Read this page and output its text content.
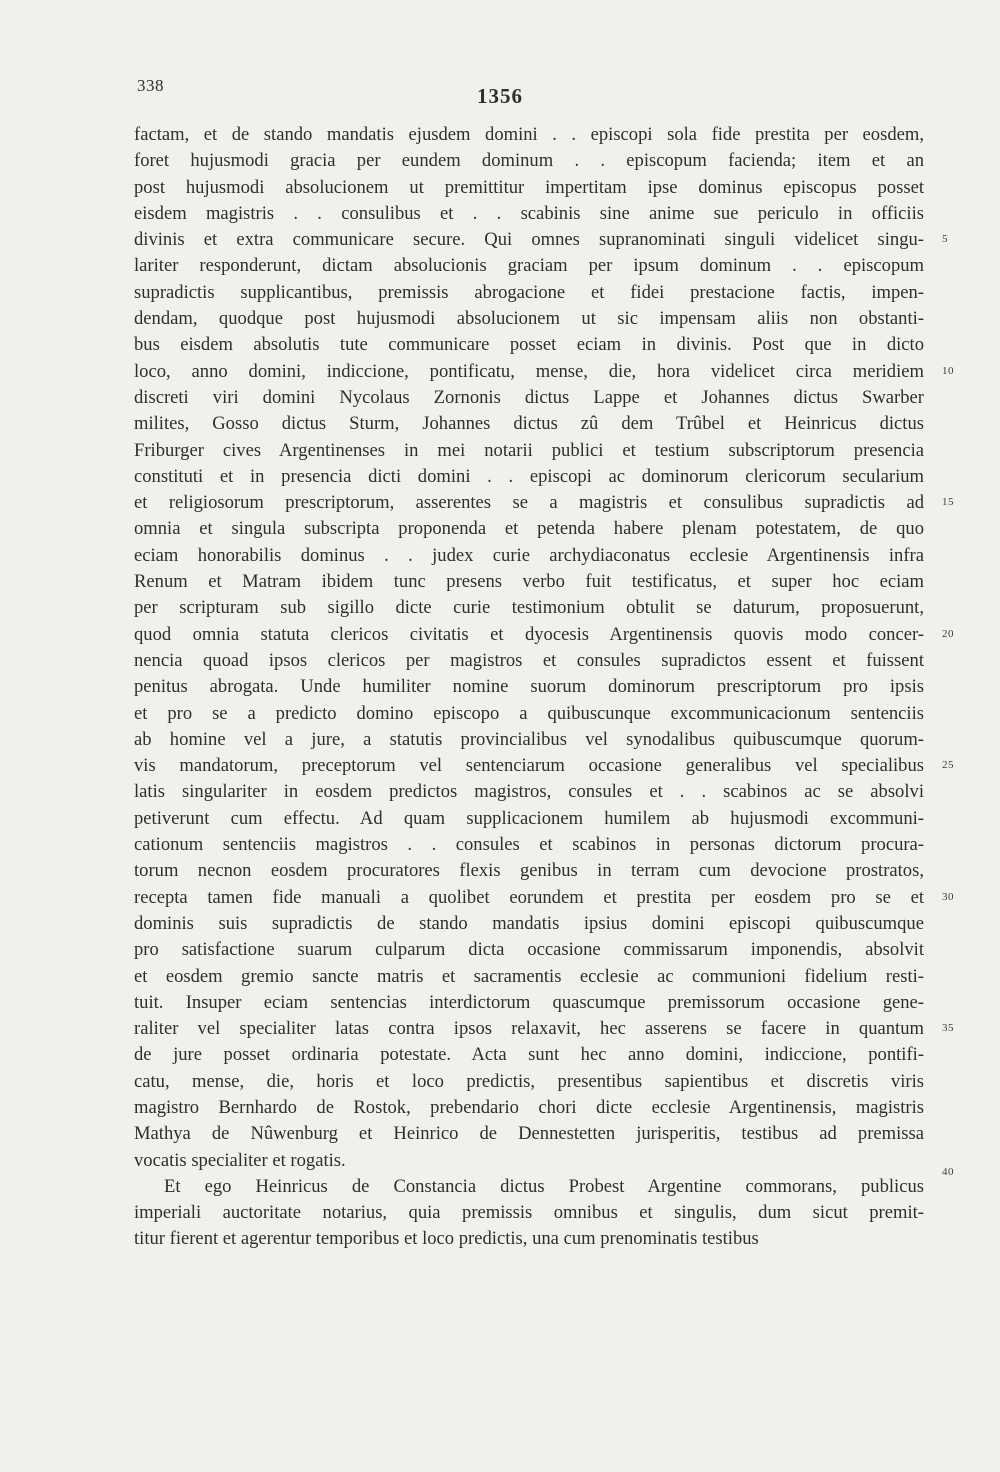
338	1356
factam, et de stando mandatis ejusdem domini . . episcopi sola fide prestita per eosdem,
foret hujusmodi gracia per eundem dominum . . episcopum facienda; item et an
post hujusmodi absolucionem ut premittitur impertitam ipse dominus episcopus posset
eisdem magistris . . consulibus et . . scabinis sine anime sue periculo in officiis
divinis et extra communicare secure. Qui omnes supranominati singuli videlicet singu- 5
lariter responderunt, dictam absolucionis graciam per ipsum dominum . . episcopum
supradictis supplicantibus, premissis abrogacione et fidei prestacione factis, impen-
dendam, quodque post hujusmodi absolucionem ut sic impensam aliis non obstanti-
bus eisdem absolutis tute communicare posset eciam in divinis. Post que in dicto
loco, anno domini, indiccione, pontificatu, mense, die, hora videlicet circa meridiem 10
discreti viri domini Nycolaus Zornonis dictus Lappe et Johannes dictus Swarber
milites, Gosso dictus Sturm, Johannes dictus zû dem Trûbel et Heinricus dictus
Friburger cives Argentinenses in mei notarii publici et testium subscriptorum presencia
constituti et in presencia dicti domini . . episcopi ac dominorum clericorum secularium
et religiosorum prescriptorum, asserentes se a magistris et consulibus supradictis ad 15
omnia et singula subscripta proponenda et petenda habere plenam potestatem, de quo
eciam honorabilis dominus . . judex curie archydiaconatus ecclesie Argentinensis infra
Renum et Matram ibidem tunc presens verbo fuit testificatus, et super hoc eciam
per scripturam sub sigillo dicte curie testimonium obtulit se daturum, proposuerunt,
quod omnia statuta clericos civitatis et dyocesis Argentinensis quovis modo concer- 20
nencia quoad ipsos clericos per magistros et consules supradictos essent et fuissent
penitus abrogata. Unde humiliter nomine suorum dominorum prescriptorum pro ipsis
et pro se a predicto domino episcopo a quibuscunque excommunicacionum sentenciis
ab homine vel a jure, a statutis provincialibus vel synodalibus quibuscumque quorum-
vis mandatorum, preceptorum vel sentenciarum occasione generalibus vel specialibus 25
latis singulariter in eosdem predictos magistros, consules et . . scabinos ac se absolvi
petiverunt cum effectu. Ad quam supplicacionem humilem ab hujusmodi excommuni-
cationum sentenciis magistros . . consules et scabinos in personas dictorum procura-
torum necnon eosdem procuratores flexis genibus in terram cum devocione prostratos,
recepta tamen fide manuali a quolibet eorundem et prestita per eosdem pro se et 30
dominis suis supradictis de stando mandatis ipsius domini episcopi quibuscumque
pro satisfactione suarum culparum dicta occasione commissarum imponendis, absolvit
et eosdem gremio sancte matris et sacramentis ecclesie ac communioni fidelium resti-
tuit. Insuper eciam sentencias interdictorum quascumque premissorum occasione gene-
raliter vel specialiter latas contra ipsos relaxavit, hec asserens se facere in quantum 35
de jure posset ordinaria potestate. Acta sunt hec anno domini, indiccione, pontifi-
catu, mense, die, horis et loco predictis, presentibus sapientibus et discretis viris
magistro Bernhardo de Rostok, prebendario chori dicte ecclesie Argentinensis, magistris
Mathya de Nûwenburg et Heinrico de Dennestetten jurisperitis, testibus ad premissa
vocatis specialiter et rogatis.
Et ego Heinricus de Constancia dictus Probest Argentine commorans, publicus
40
imperiali auctoritate notarius, quia premissis omnibus et singulis, dum sicut premit-
titur fierent et agerentur temporibus et loco predictis, una cum prenominatis testibus
